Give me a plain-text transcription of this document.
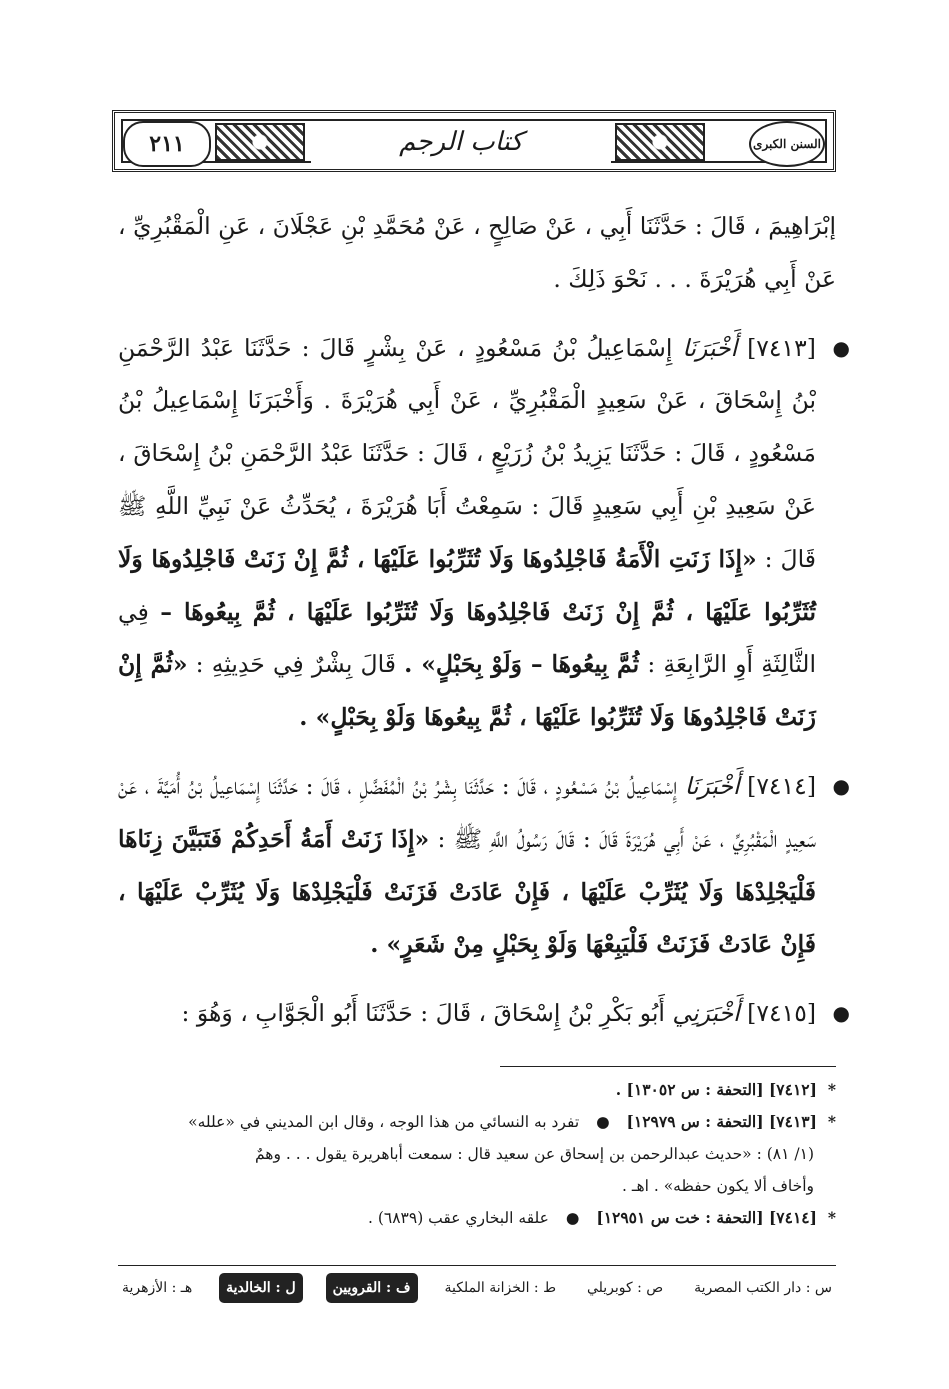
السنن الكبرى
كتاب الرجم
٢١١

إبْرَاهِيمَ ، قَالَ : حَدَّثَنَا أَبِي ، عَنْ صَالِحٍ ، عَنْ مُحَمَّدِ بْنِ عَجْلَانَ ، عَنِ الْمَقْبُرِيِّ ، عَنْ أَبِي هُرَيْرَةَ . . . نَحْوَ ذَلِكَ .

●
[٧٤١٣] أَخْبَرَنَا إِسْمَاعِيلُ بْنُ مَسْعُودٍ ، عَنْ بِشْرٍ قَالَ : حَدَّثَنَا عَبْدُ الرَّحْمَنِ بْنُ إِسْحَاقَ ، عَنْ سَعِيدٍ الْمَقْبُرِيِّ ، عَنْ أَبِي هُرَيْرَةَ . وَأَخْبَرَنَا إِسْمَاعِيلُ بْنُ مَسْعُودٍ ، قَالَ : حَدَّثَنَا يَزِيدُ بْنُ زُرَيْعٍ ، قَالَ : حَدَّثَنَا عَبْدُ الرَّحْمَنِ بْنُ إِسْحَاقَ ، عَنْ سَعِيدِ بْنِ أَبِي سَعِيدٍ قَالَ : سَمِعْتُ أَبَا هُرَيْرَةَ ، يُحَدِّثُ عَنْ نَبِيِّ اللَّهِ ﷺ قَالَ : «إِذَا زَنَتِ الْأَمَةُ فَاجْلِدُوهَا وَلَا تُثَرِّبُوا عَلَيْهَا ، ثُمَّ إِنْ زَنَتْ فَاجْلِدُوهَا وَلَا تُثَرِّبُوا عَلَيْهَا ، ثُمَّ إِنْ زَنَتْ فَاجْلِدُوهَا وَلَا تُثَرِّبُوا عَلَيْهَا ، ثُمَّ بِيعُوهَا – فِي الثَّالِثَةِ أَوِ الرَّابِعَةِ : ثُمَّ بِيعُوهَا – وَلَوْ بِحَبْلٍ» . قَالَ بِشْرٌ فِي حَدِيثِهِ : «ثُمَّ إِنْ زَنَتْ فَاجْلِدُوهَا وَلَا تُثَرِّبُوا عَلَيْهَا ، ثُمَّ بِيعُوهَا وَلَوْ بِحَبْلٍ» .

●
[٧٤١٤] أَخْبَرَنَا إِسْمَاعِيلُ بْنُ مَسْعُودٍ ، قَالَ : حَدَّثَنَا بِشْرُ بْنُ الْمُفَضَّلِ ، قَالَ : حَدَّثَنَا إِسْمَاعِيلُ بْنُ أُمَيَّةَ ، عَنْ سَعِيدٍ الْمَقْبُرِيِّ ، عَنْ أَبِي هُرَيْرَةَ قَالَ : قَالَ رَسُولُ اللَّهِ ﷺ : «إِذَا زَنَتْ أَمَةُ أَحَدِكُمْ فَتَبَيَّنَ زِنَاهَا فَلْيَجْلِدْهَا وَلَا يُثَرِّبْ عَلَيْهَا ، فَإِنْ عَادَتْ فَزَنَتْ فَلْيَجْلِدْهَا وَلَا يُثَرِّبْ عَلَيْهَا ، فَإِنْ عَادَتْ فَزَنَتْ فَلْيَبِعْهَا وَلَوْ بِحَبْلٍ مِنْ شَعَرٍ» .

●
[٧٤١٥] أَخْبَرَنِي أَبُو بَكْرِ بْنُ إِسْحَاقَ ، قَالَ : حَدَّثَنَا أَبُو الْجَوَّابِ ، وَهُوَ :

* [٧٤١٢] [التحفة : س ١٣٠٥٢] .

* [٧٤١٣] [التحفة : س ١٢٩٧٩] ● تفرد به النسائي من هذا الوجه ، وقال ابن المديني في «علله»
(١/ ٨١) : «حديث عبدالرحمن بن إسحاق عن سعيد قال : سمعت أباهريرة يقول . . . وهمٌ
وأخاف ألا يكون حفظه» . اهـ .

* [٧٤١٤] [التحفة : خت س ١٢٩٥١] ● علقه البخاري عقب (٦٨٣٩) .

س : دار الكتب المصرية
ص : كوبريلي
ط : الخزانة الملكية
ف : القرويين
ل : الخالدية
هـ : الأزهرية
